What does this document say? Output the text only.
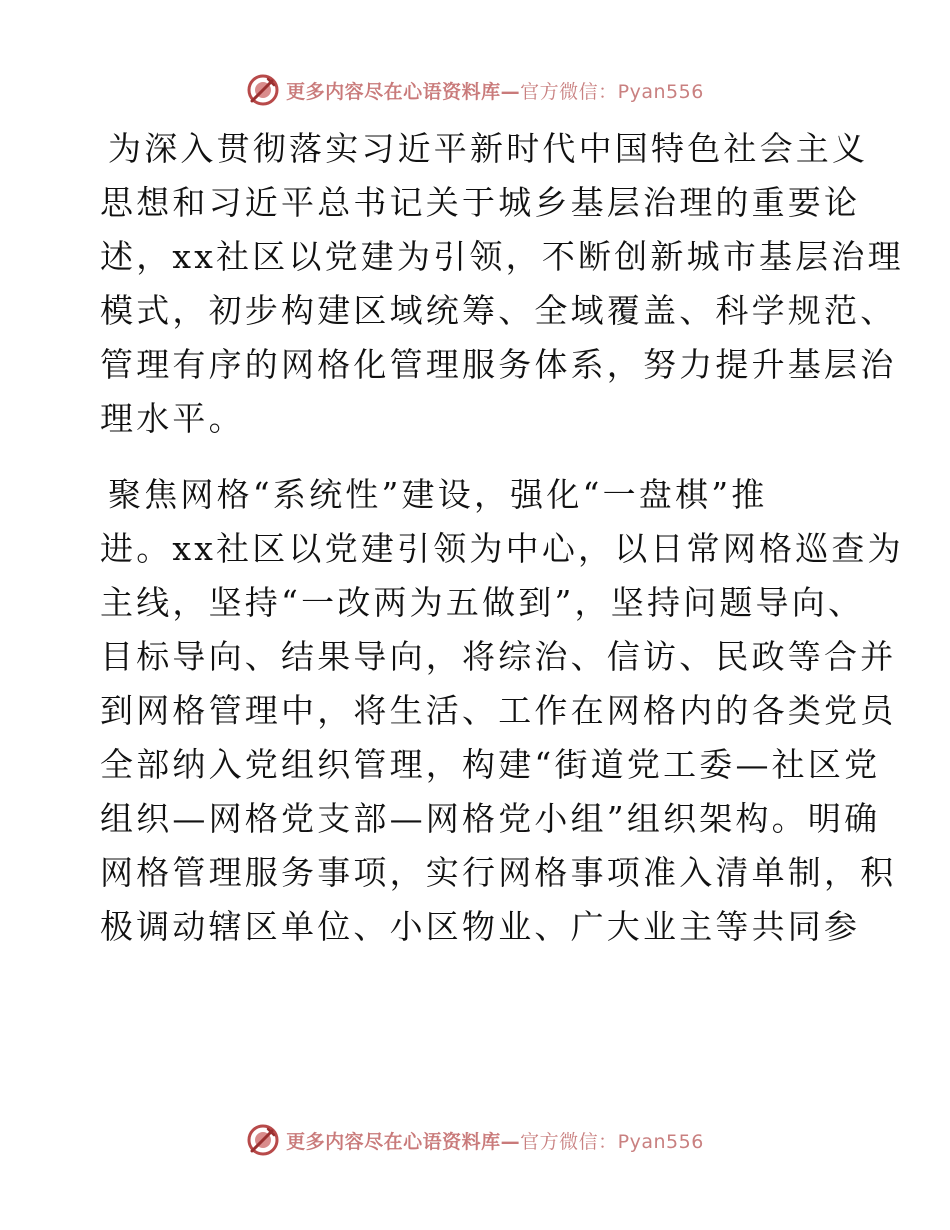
更多内容尽在心语资料库—官方微信：Pyan556

为深入贯彻落实习近平新时代中国特色社会主义
思想和习近平总书记关于城乡基层治理的重要论
述，xx社区以党建为引领，不断创新城市基层治理
模式，初步构建区域统筹、全域覆盖、科学规范、
管理有序的网格化管理服务体系，努力提升基层治
理水平。

聚焦网格“系统性”建设，强化“一盘棋”推
进。xx社区以党建引领为中心，以日常网格巡查为
主线，坚持“一改两为五做到”，坚持问题导向、
目标导向、结果导向，将综治、信访、民政等合并
到网格管理中，将生活、工作在网格内的各类党员
全部纳入党组织管理，构建“街道党工委—社区党
组织—网格党支部—网格党小组”组织架构。明确
网格管理服务事项，实行网格事项准入清单制，积
极调动辖区单位、小区物业、广大业主等共同参

更多内容尽在心语资料库—官方微信：Pyan556
